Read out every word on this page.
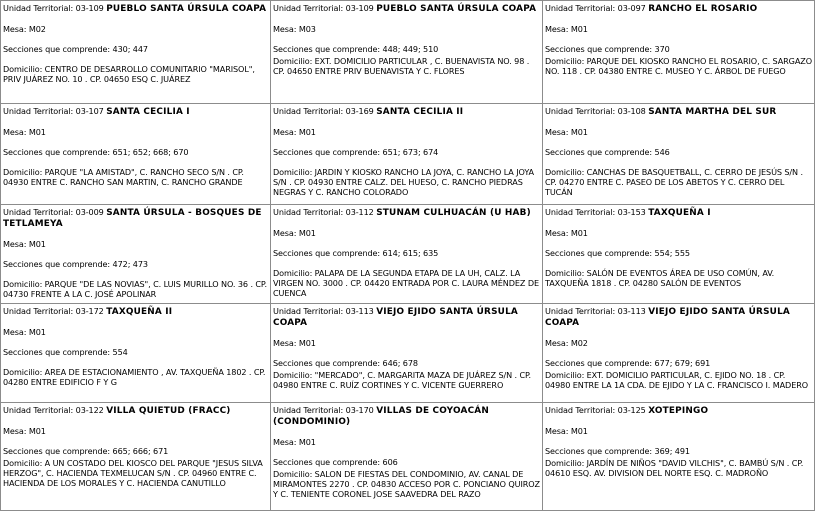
Unidad Territorial: 03-109 PUEBLO SANTA ÚRSULA COAPA
Mesa: M02
Secciones que comprende: 430; 447
Domicilio: CENTRO DE DESARROLLO COMUNITARIO "MARISOL", PRIV JUÁREZ NO. 10 . CP. 04650 ESQ C. JUÁREZ
Unidad Territorial: 03-109 PUEBLO SANTA ÚRSULA COAPA
Mesa: M03
Secciones que comprende: 448; 449; 510
Domicilio: EXT. DOMICILIO PARTICULAR , C. BUENAVISTA NO. 98 . CP. 04650 ENTRE PRIV BUENAVISTA Y C. FLORES
Unidad Territorial: 03-097 RANCHO EL ROSARIO
Mesa: M01
Secciones que comprende: 370
Domicilio: PARQUE DEL KIOSKO RANCHO EL ROSARIO, C. SARGAZO NO. 118 . CP. 04380 ENTRE C. MUSEO Y C. ÁRBOL DE FUEGO
Unidad Territorial: 03-107 SANTA CECILIA I
Mesa: M01
Secciones que comprende: 651; 652; 668; 670
Domicilio: PARQUE "LA AMISTAD", C. RANCHO SECO S/N . CP. 04930 ENTRE C. RANCHO SAN MARTIN, C. RANCHO GRANDE
Unidad Territorial: 03-169 SANTA CECILIA II
Mesa: M01
Secciones que comprende: 651; 673; 674
Domicilio: JARDIN Y KIOSKO RANCHO LA JOYA, C. RANCHO LA JOYA S/N . CP. 04930 ENTRE CALZ. DEL HUESO, C. RANCHO PIEDRAS NEGRAS Y C. RANCHO COLORADO
Unidad Territorial: 03-108 SANTA MARTHA DEL SUR
Mesa: M01
Secciones que comprende: 546
Domicilio: CANCHAS DE BASQUETBALL, C. CERRO DE JESÚS S/N . CP. 04270 ENTRE C. PASEO DE LOS ABETOS Y C. CERRO DEL TUCÁN
Unidad Territorial: 03-009 SANTA ÚRSULA - BOSQUES DE TETLAMEYA
Mesa: M01
Secciones que comprende: 472; 473
Domicilio: PARQUE "DE LAS NOVIAS", C. LUIS MURILLO NO. 36 . CP. 04730 FRENTE A LA C. JOSÉ APOLINAR
Unidad Territorial: 03-112 STUNAM CULHUACÁN (U HAB)
Mesa: M01
Secciones que comprende: 614; 615; 635
Domicilio: PALAPA DE LA SEGUNDA ETAPA DE LA UH, CALZ. LA VIRGEN NO. 3000 . CP. 04420 ENTRADA POR C. LAURA MÉNDEZ DE CUENCA
Unidad Territorial: 03-153 TAXQUEÑA I
Mesa: M01
Secciones que comprende: 554; 555
Domicilio: SALÓN DE EVENTOS ÁREA DE USO COMÚN, AV. TAXQUEÑA 1818 . CP. 04280 SALÓN DE EVENTOS
Unidad Territorial: 03-172 TAXQUEÑA II
Mesa: M01
Secciones que comprende: 554
Domicilio: AREA DE ESTACIONAMIENTO , AV. TAXQUEÑA 1802 . CP. 04280 ENTRE EDIFICIO F Y G
Unidad Territorial: 03-113 VIEJO EJIDO SANTA ÚRSULA COAPA
Mesa: M01
Secciones que comprende: 646; 678
Domicilio: "MERCADO", C. MARGARITA MAZA DE JUÁREZ S/N . CP. 04980 ENTRE C. RUÍZ CORTINES Y C. VICENTE GUERRERO
Unidad Territorial: 03-113 VIEJO EJIDO SANTA ÚRSULA COAPA
Mesa: M02
Secciones que comprende: 677; 679; 691
Domicilio: EXT. DOMICILIO PARTICULAR, C. EJIDO NO. 18 . CP. 04980 ENTRE LA 1A CDA. DE EJIDO Y LA C. FRANCISCO I. MADERO
Unidad Territorial: 03-122 VILLA QUIETUD (FRACC)
Mesa: M01
Secciones que comprende: 665; 666; 671
Domicilio: A UN COSTADO DEL KIOSCO DEL PARQUE "JESUS SILVA HERZOG", C. HACIENDA TEXMELUCAN S/N . CP. 04960 ENTRE C. HACIENDA DE LOS MORALES Y C. HACIENDA CANUTILLO
Unidad Territorial: 03-170 VILLAS DE COYOACÁN (CONDOMINIO)
Mesa: M01
Secciones que comprende: 606
Domicilio: SALON DE FIESTAS DEL CONDOMINIO, AV. CANAL DE MIRAMONTES 2270 . CP. 04830 ACCESO POR C. PONCIANO QUIROZ Y C. TENIENTE CORONEL JOSE SAAVEDRA DEL RAZO
Unidad Territorial: 03-125 XOTEPINGO
Mesa: M01
Secciones que comprende: 369; 491
Domicilio: JARDÍN DE NIÑOS "DAVID VILCHIS", C. BAMBÚ S/N . CP. 04610 ESQ. AV. DIVISION DEL NORTE ESQ. C. MADROÑO
